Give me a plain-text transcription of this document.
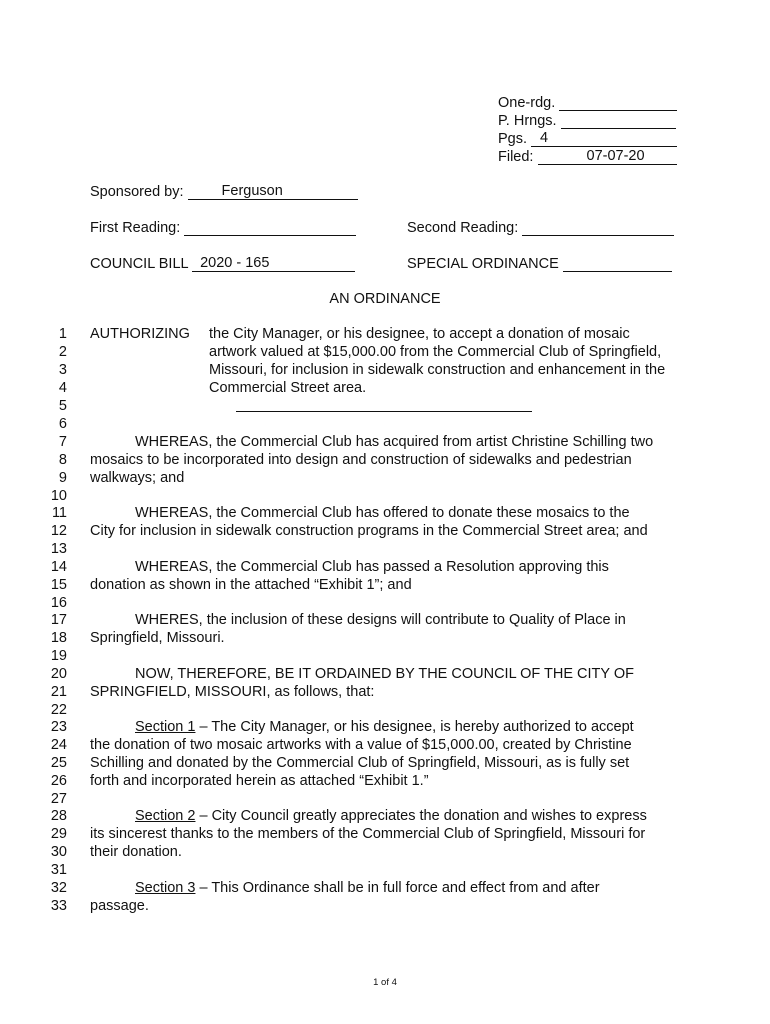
One-rdg.
P. Hrngs.
Pgs. 4
Filed:	07-07-20
Sponsored by:	Ferguson
First Reading:	Second Reading:
COUNCIL BILL 2020 - 165	SPECIAL ORDINANCE
AN ORDINANCE
1
2
3
4
5
6
7
8
9
10
11
12
13
14
15
16
17
18
19
20
21
22
23
24
25
26
27
28
29
30
31
32
33
AUTHORIZING the City Manager, or his designee, to accept a donation of mosaic
artwork valued at $15,000.00 from the Commercial Club of Springfield,
Missouri, for inclusion in sidewalk construction and enhancement in the
Commercial Street area.
WHEREAS, the Commercial Club has acquired from artist Christine Schilling two
mosaics to be incorporated into design and construction of sidewalks and pedestrian
walkways; and
WHEREAS, the Commercial Club has offered to donate these mosaics to the
City for inclusion in sidewalk construction programs in the Commercial Street area; and
WHEREAS, the Commercial Club has passed a Resolution approving this
donation as shown in the attached “Exhibit 1”; and
WHERES, the inclusion of these designs will contribute to Quality of Place in
Springfield, Missouri.
NOW, THEREFORE, BE IT ORDAINED BY THE COUNCIL OF THE CITY OF
SPRINGFIELD, MISSOURI, as follows, that:
Section 1 – The City Manager, or his designee, is hereby authorized to accept
the donation of two mosaic artworks with a value of $15,000.00, created by Christine
Schilling and donated by the Commercial Club of Springfield, Missouri, as is fully set
forth and incorporated herein as attached “Exhibit 1.”
Section 2 – City Council greatly appreciates the donation and wishes to express
its sincerest thanks to the members of the Commercial Club of Springfield, Missouri for
their donation.
Section 3 – This Ordinance shall be in full force and effect from and after
passage.
1 of 4
